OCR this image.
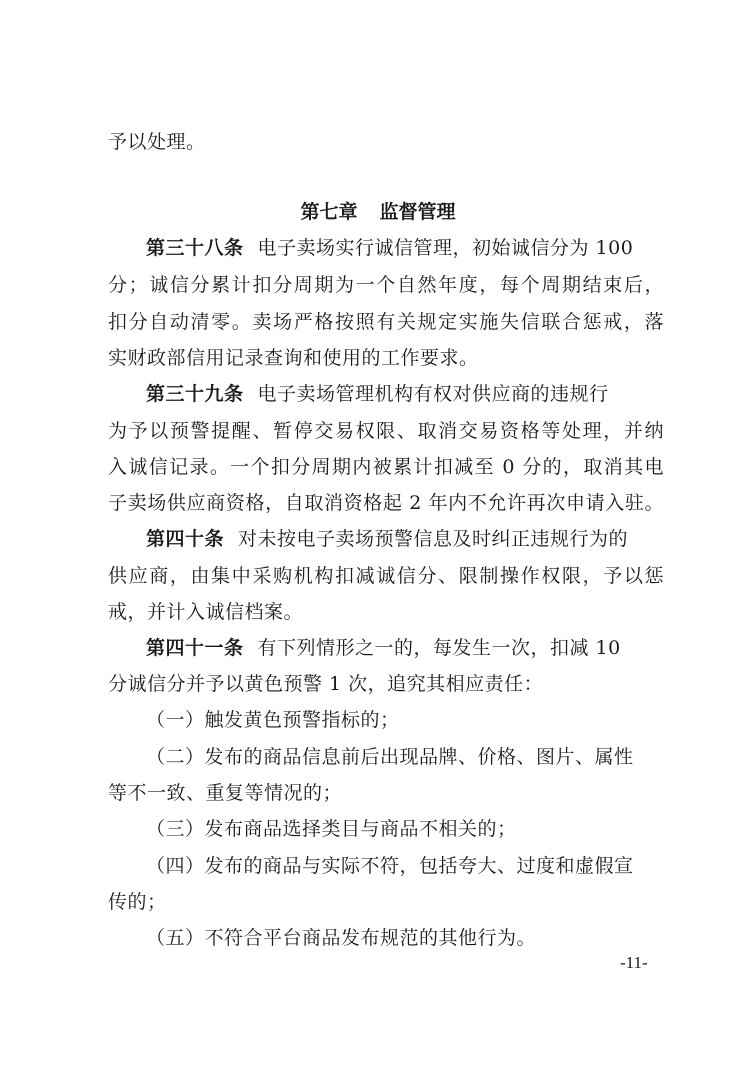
予以处理。
第七章 监督管理
第三十八条 电子卖场实行诚信管理，初始诚信分为 100
分；诚信分累计扣分周期为一个自然年度，每个周期结束后，
扣分自动清零。卖场严格按照有关规定实施失信联合惩戒，落
实财政部信用记录查询和使用的工作要求。
第三十九条 电子卖场管理机构有权对供应商的违规行
为予以预警提醒、暂停交易权限、取消交易资格等处理，并纳
入诚信记录。一个扣分周期内被累计扣减至 0 分的，取消其电
子卖场供应商资格，自取消资格起 2 年内不允许再次申请入驻。
第四十条 对未按电子卖场预警信息及时纠正违规行为的
供应商，由集中采购机构扣减诚信分、限制操作权限，予以惩
戒，并计入诚信档案。
第四十一条 有下列情形之一的，每发生一次，扣减 10
分诚信分并予以黄色预警 1 次，追究其相应责任：
（一）触发黄色预警指标的；
（二）发布的商品信息前后出现品牌、价格、图片、属性
等不一致、重复等情况的；
（三）发布商品选择类目与商品不相关的；
（四）发布的商品与实际不符，包括夸大、过度和虚假宣
传的；
（五）不符合平台商品发布规范的其他行为。
-11-
